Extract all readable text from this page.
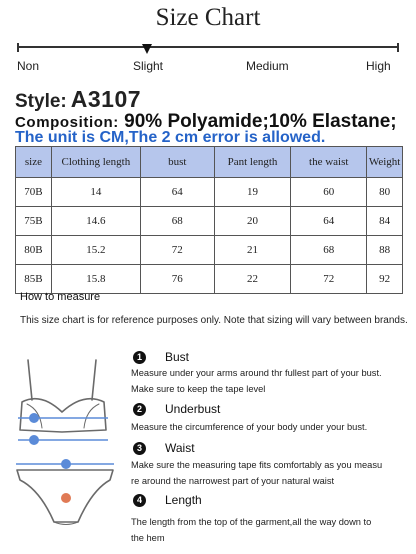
Size Chart
Non	Slight	Medium	High
Style: A3107
Composition: 90% Polyamide;10% Elastane;
The unit is CM,The 2 cm error is allowed.
size	Clothing length	bust	Pant length	the waist	Weight
70B	14	64	19	60	80
75B	14.6	68	20	64	84
80B	15.2	72	21	68	88
85B	15.8	76	22	72	92
How to measure
This size chart is for reference purposes only. Note that sizing will vary between brands.
1	Bust
Measure under your arms around thr fullest part of your bust.
Make sure to keep the tape level
2	Underbust
Measure the circumference of your body under your bust.
3	Waist
Make sure the measuring tape fits comfortably as you measu
re around the narrowest part of your natural waist
4	Length
The length from the top of the garment,all the way down to
the hem
